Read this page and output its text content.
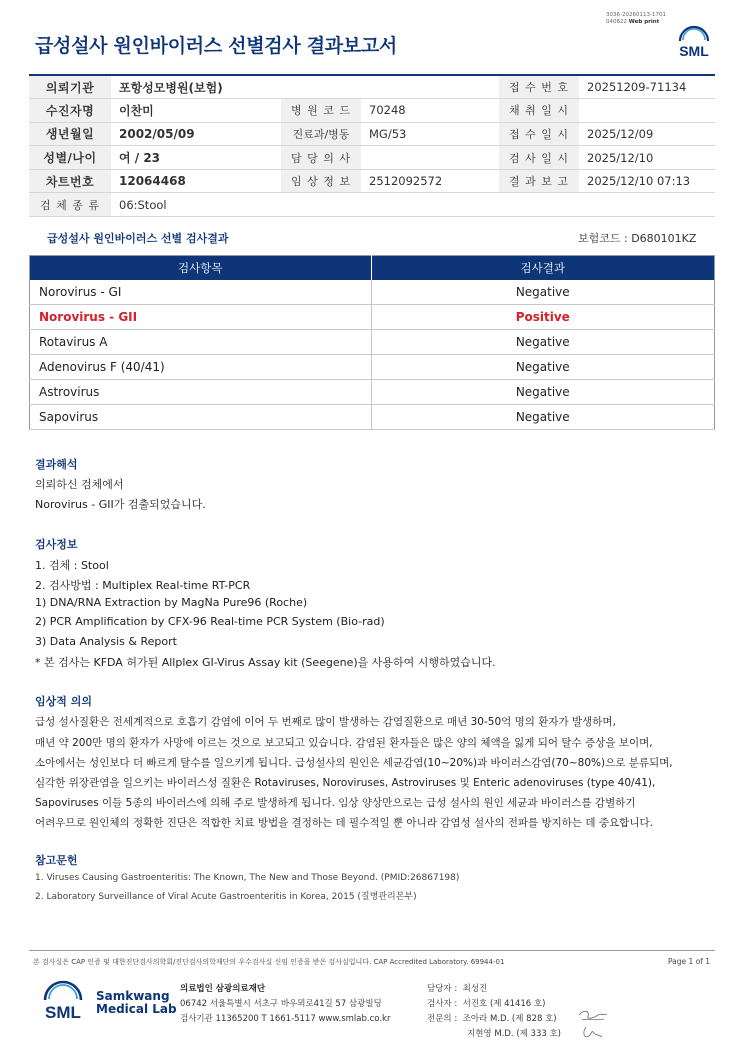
3036-20260113-1701
040822 Web print
급성설사 원인바이러스 선별검사 결과보고서	SML
의뢰기관	포항성모병원(보험)			접 수 번 호	20251209-71134
수진자명	이찬미	병 원 코 드	70248	채 취 일 시	
생년월일	2002/05/09	진료과/병동	MG/53	접 수 일 시	2025/12/09
성별/나이	여 / 23	담 당 의 사		검 사 일 시	2025/12/10
차트번호	12064468	임 상 정 보	2512092572	결 과 보 고	2025/12/10 07:13
검 체 종 류	06:Stool				
급성설사 원인바이러스 선별 검사결과	보험코드 : D680101KZ
검사항목	검사결과
Norovirus - GI	Negative
Norovirus - GII	Positive
Rotavirus A	Negative
Adenovirus F (40/41)	Negative
Astrovirus	Negative
Sapovirus	Negative
결과해석
의뢰하신 검체에서
Norovirus - GII가 검출되었습니다.
검사정보
1. 검체 : Stool
2. 검사방법 : Multiplex Real-time RT-PCR
1) DNA/RNA Extraction by MagNa Pure96 (Roche)
2) PCR Amplification by CFX-96 Real-time PCR System (Bio-rad)
3) Data Analysis & Report
* 본 검사는 KFDA 허가된 Allplex GI-Virus Assay kit (Seegene)을 사용하여 시행하였습니다.
임상적 의의
급성 설사질환은 전세계적으로 호흡기 감염에 이어 두 번째로 많이 발생하는 감염질환으로 매년 30-50억 명의 환자가 발생하며,
매년 약 200만 명의 환자가 사망에 이르는 것으로 보고되고 있습니다. 감염된 환자들은 많은 양의 체액을 잃게 되어 탈수 증상을 보이며,
소아에서는 성인보다 더 빠르게 탈수를 일으키게 됩니다. 급성설사의 원인은 세균감염(10~20%)과 바이러스감염(70~80%)으로 분류되며,
심각한 위장관염을 일으키는 바이러스성 질환은 Rotaviruses, Noroviruses, Astroviruses 및 Enteric adenoviruses (type 40/41),
Sapoviruses 이들 5종의 바이러스에 의해 주로 발생하게 됩니다. 임상 양상만으로는 급성 설사의 원인 세균과 바이러스를 감별하기
어려우므로 원인체의 정확한 진단은 적합한 치료 방법을 결정하는 데 필수적일 뿐 아니라 감염성 설사의 전파를 방지하는 데 중요합니다.
참고문헌
1. Viruses Causing Gastroenteritis: The Known, The New and Those Beyond. (PMID:26867198)
2. Laboratory Surveillance of Viral Acute Gastroenteritis in Korea, 2015 (질병관리본부)
본 검사실은 CAP 인증 및 대한진단검사의학회/진단검사의학재단의 우수검사실 신임 인증을 받은 검사실입니다. CAP Accredited Laboratory. 69944-01	Page 1 of 1
SML
Samkwang
Medical Lab
의료법인 삼광의료재단
06742 서울특별시 서초구 바우뫼로41길 57 삼광빌딩
검사기관 11365200 T 1661-5117 www.smlab.co.kr
담당자 : 최성진
검사자 : 서진호 (제 41416 호)
전문의 : 조아라 M.D. (제 828 호)
지현영 M.D. (제 333 호)
